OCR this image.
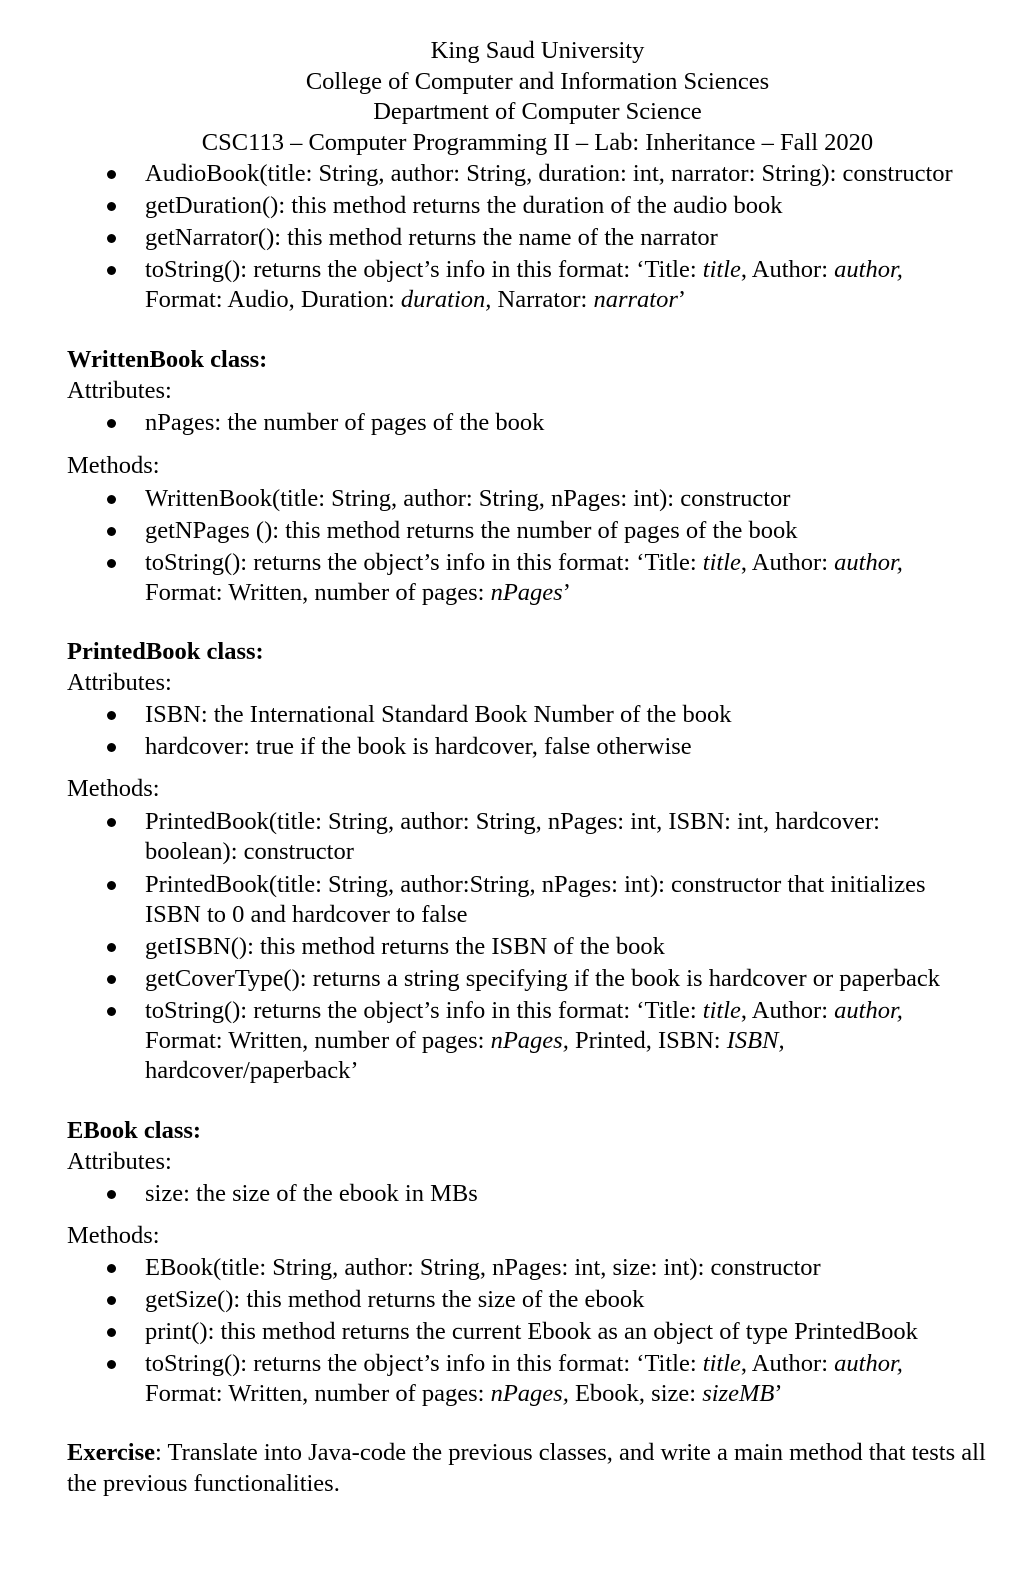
King Saud University
College of Computer and Information Sciences
Department of Computer Science
CSC113 – Computer Programming II – Lab: Inheritance – Fall 2020
AudioBook(title: String, author: String, duration: int, narrator: String): constructor
getDuration(): this method returns the duration of the audio book
getNarrator(): this method returns the name of the narrator
toString(): returns the object’s info in this format: ‘Title: title, Author: author,
Format: Audio, Duration: duration, Narrator: narrator’
WrittenBook class:
Attributes:
nPages: the number of pages of the book
Methods:
WrittenBook(title: String, author: String, nPages: int): constructor
getNPages (): this method returns the number of pages of the book
toString(): returns the object’s info in this format: ‘Title: title, Author: author,
Format: Written, number of pages: nPages’
PrintedBook class:
Attributes:
ISBN: the International Standard Book Number of the book
hardcover: true if the book is hardcover, false otherwise
Methods:
PrintedBook(title: String, author: String, nPages: int, ISBN: int, hardcover:
boolean): constructor
PrintedBook(title: String, author:String, nPages: int): constructor that initializes
ISBN to 0 and hardcover to false
getISBN(): this method returns the ISBN of the book
getCoverType(): returns a string specifying if the book is hardcover or paperback
toString(): returns the object’s info in this format: ‘Title: title, Author: author,
Format: Written, number of pages: nPages, Printed, ISBN: ISBN,
hardcover/paperback’
EBook class:
Attributes:
size: the size of the ebook in MBs
Methods:
EBook(title: String, author: String, nPages: int, size: int): constructor
getSize(): this method returns the size of the ebook
print(): this method returns the current Ebook as an object of type PrintedBook
toString(): returns the object’s info in this format: ‘Title: title, Author: author,
Format: Written, number of pages: nPages, Ebook, size: sizeMB’
Exercise: Translate into Java-code the previous classes, and write a main method that tests all the previous functionalities.
